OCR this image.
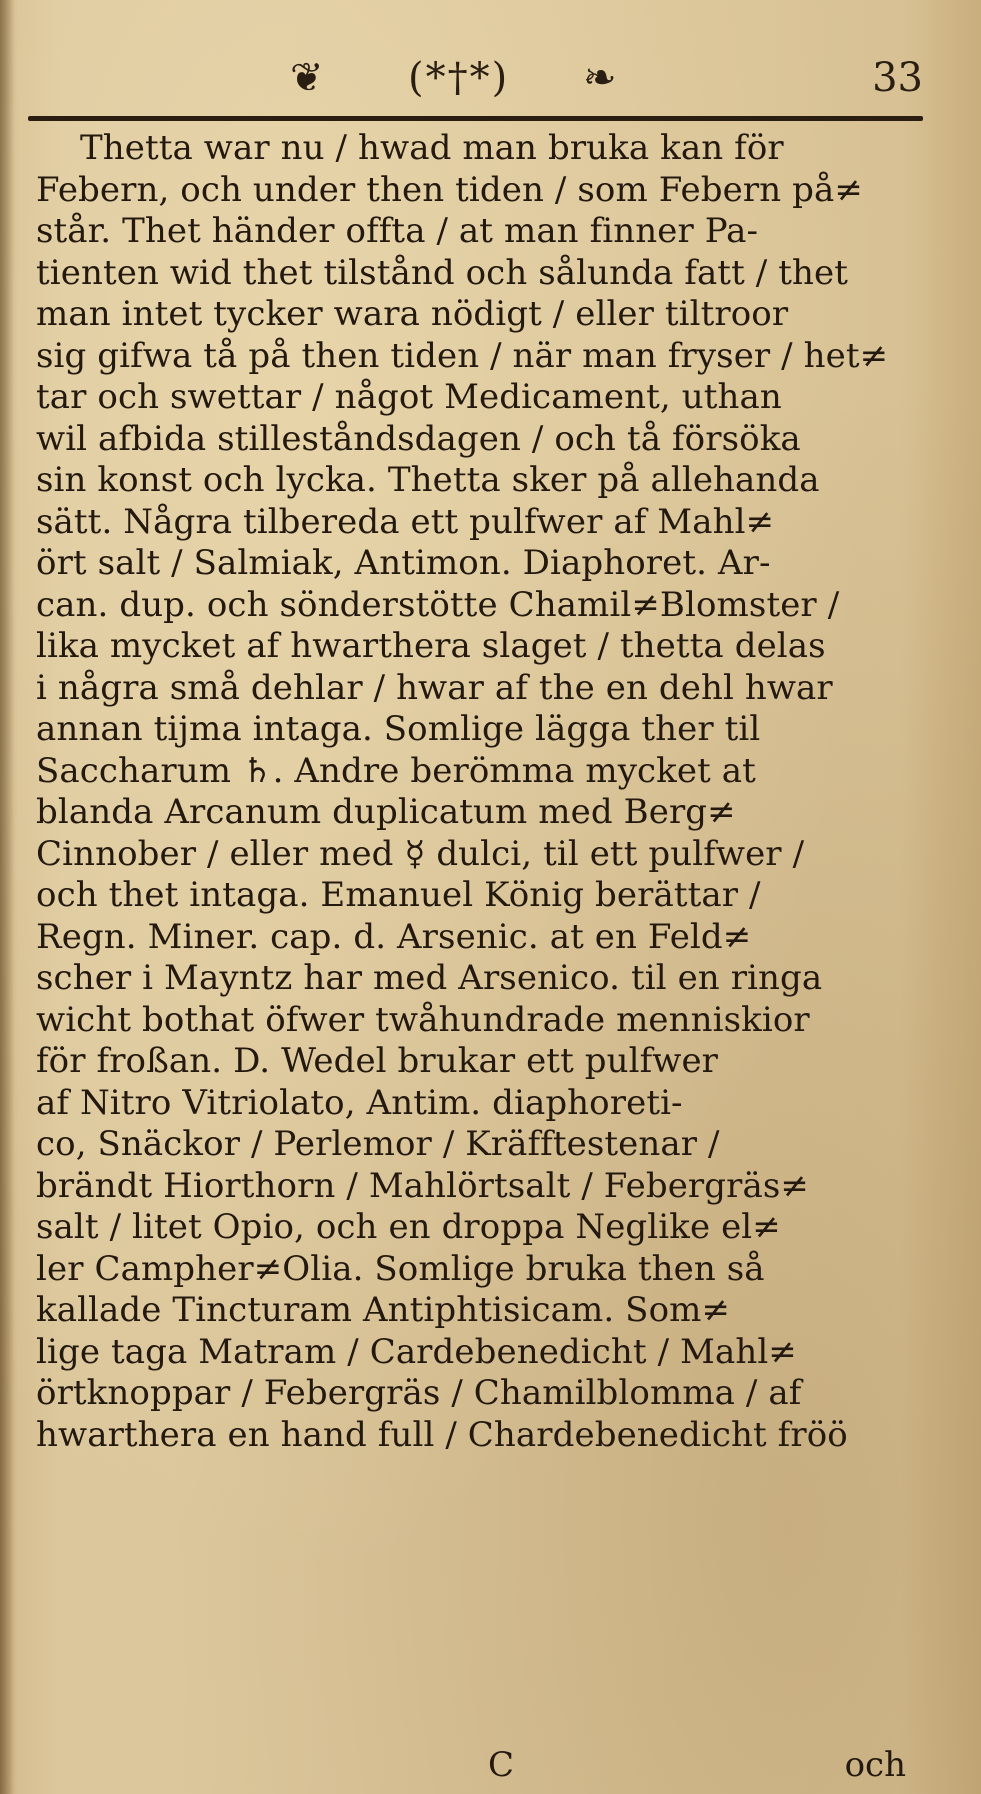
❦ (*†*) ❧	33
Thetta war nu / hwad man bruka kan för
Febern, och under then tiden / som Febern på≠
står. Thet händer offta / at man finner Pa-
tienten wid thet tilstånd och sålunda fatt / thet
man intet tycker wara nödigt / eller tiltroor
sig gifwa tå på then tiden / när man fryser / het≠
tar och swettar / något Medicament, uthan
wil afbida stilleståndsdagen / och tå försöka
sin konst och lycka. Thetta sker på allehanda
sätt. Några tilbereda ett pulfwer af Mahl≠
ört salt / Salmiak, Antimon. Diaphoret. Ar-
can. dup. och sönderstötte Chamil≠Blomster /
lika mycket af hwarthera slaget / thetta delas
i några små dehlar / hwar af the en dehl hwar
annan tijma intaga. Somlige lägga ther til
Saccharum ♄. Andre berömma mycket at
blanda Arcanum duplicatum med Berg≠
Cinnober / eller med ☿ dulci, til ett pulfwer /
och thet intaga. Emanuel König berättar /
Regn. Miner. cap. d. Arsenic. at en Feld≠
scher i Mayntz har med Arsenico. til en ringa
wicht bothat öfwer twåhundrade menniskior
för froßan. D. Wedel brukar ett pulfwer
af Nitro Vitriolato, Antim. diaphoreti-
co, Snäckor / Perlemor / Kräfftestenar /
brändt Hiorthorn / Mahlörtsalt / Febergräs≠
salt / litet Opio, och en droppa Neglike el≠
ler Campher≠Olia. Somlige bruka then så
kallade Tincturam Antiphtisicam. Som≠
lige taga Matram / Cardebenedicht / Mahl≠
örtknoppar / Febergräs / Chamilblomma / af
hwarthera en hand full / Chardebenedicht fröö
C	och
